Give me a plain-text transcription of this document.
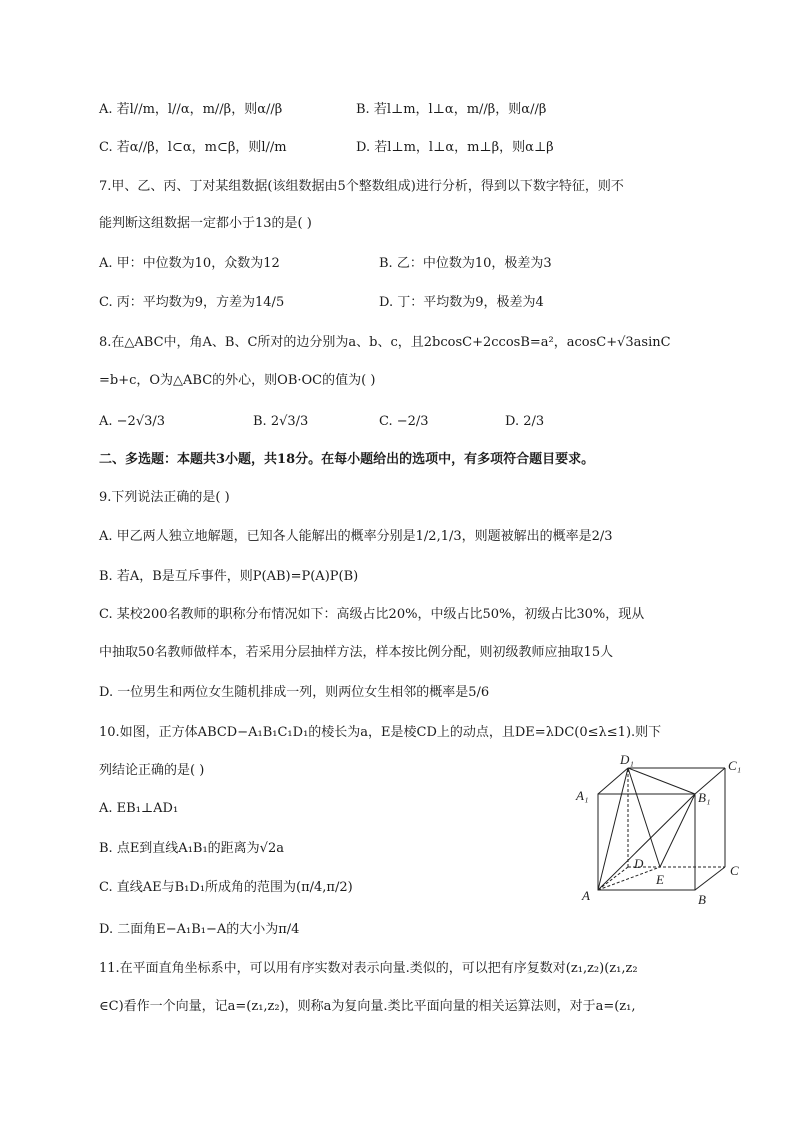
A. 若l//m，l//α，m//β，则α//β	B. 若l⊥m，l⊥α，m//β，则α//β
C. 若α//β，l⊂α，m⊂β，则l//m	D. 若l⊥m，l⊥α，m⊥β，则α⊥β
7.甲、乙、丙、丁对某组数据(该组数据由5个整数组成)进行分析，得到以下数字特征，则不
能判断这组数据一定都小于13的是( )
A. 甲：中位数为10，众数为12	B. 乙：中位数为10，极差为3
C. 丙：平均数为9，方差为14/5	D. 丁：平均数为9，极差为4
8.在△ABC中，角A、B、C所对的边分别为a、b、c，且2bcosC+2ccosB=a²，acosC+√3asinC
=b+c，O为△ABC的外心，则OB·OC的值为( )
A. −2√3/3	B. 2√3/3	C. −2/3	D. 2/3
二、多选题：本题共3小题，共18分。在每小题给出的选项中，有多项符合题目要求。
9.下列说法正确的是( )
A. 甲乙两人独立地解题，已知各人能解出的概率分别是1/2,1/3，则题被解出的概率是2/3
B. 若A，B是互斥事件，则P(AB)=P(A)P(B)
C. 某校200名教师的职称分布情况如下：高级占比20%，中级占比50%，初级占比30%，现从
中抽取50名教师做样本，若采用分层抽样方法，样本按比例分配，则初级教师应抽取15人
D. 一位男生和两位女生随机排成一列，则两位女生相邻的概率是5/6
10.如图，正方体ABCD−A₁B₁C₁D₁的棱长为a，E是棱CD上的动点，且DE=λDC(0≤λ≤1).则下
列结论正确的是( )
A. EB₁⊥AD₁
B. 点E到直线A₁B₁的距离为√2a
C. 直线AE与B₁D₁所成角的范围为(π/4,π/2)
D. 二面角E−A₁B₁−A的大小为π/4
D₁	C₁
A₁	B₁
D
E
C
A	B
11.在平面直角坐标系中，可以用有序实数对表示向量.类似的，可以把有序复数对(z₁,z₂)(z₁,z₂
∈C)看作一个向量，记a=(z₁,z₂)，则称a为复向量.类比平面向量的相关运算法则，对于a=(z₁,
